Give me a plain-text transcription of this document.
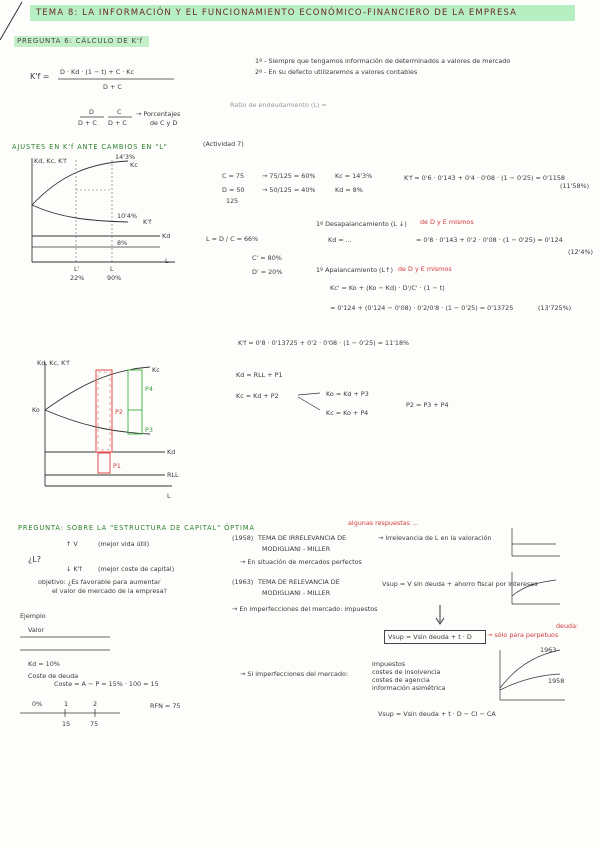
TEMA 8: LA INFORMACIÓN Y EL FUNCIONAMIENTO ECONÓMICO-FINANCIERO DE LA EMPRESA
PREGUNTA 6: CÁLCULO DE K'f
K'f = D · Kd · (1 − t) + C · Kc
D + C
D
D + C
C
D + C
→ Porcentajes
de C y D
1º - Siempre que tengamos información de determinados a valores de mercado
2º - En su defecto utilizaremos a valores contables
Ratio de endeudamiento (L) =
AJUSTES EN K'f ANTE CAMBIOS EN "L"	(Actividad 7)
Kd, Kc, K'f	Kc
K'f
Kd
L
14'3%
10'4%
8%
L'	L
22%	90%
C = 75	→ 75/125 = 60%	Kc = 14'3%
D = 50	→ 50/125 = 40%	Kd = 8%
125
L = D / C = 66%
C' = 80%
D' = 20%
K'f = 0'6 · 0'143 + 0'4 · 0'08 · (1 − 0'25) = 0'1158
(11'58%)
1º Desapalancamiento (L ↓) de D y E mismos
Kd = ...	= 0'8 · 0'143 + 0'2 · 0'08 · (1 − 0'25) = 0'124
(12'4%)
1º Apalancamiento (L↑) de D y E mismos
Kc' = Ko + (Ko − Kd) · D'/C' · (1 − t)
= 0'124 + (0'124 − 0'08) · 0'2/0'8 · (1 − 0'25) = 0'13725	(13'725%)
K'f = 0'8 · 0'13725 + 0'2 · 0'08 · (1 − 0'25) = 11'18%
Kd, Kc, K'f
Kc
Ko
Kd
RLL
L
P1
P4
P3
P2
Kd = RLL + P1
Kc = Kd + P2	Ko = Kd + P3
Kc = Ko + P4
P2 = P3 + P4
PREGUNTA: SOBRE LA "ESTRUCTURA DE CAPITAL" ÓPTIMA
algunas respuestas ...
¿L?
↑ V	(mejor vida útil)
↓ K'f	(mejor coste de capital)
objetivo: ¿Es favorable para aumentar
el valor de mercado de la empresa?
(1958) TEMA DE IRRELEVANCIA DE
MODIGLIANI - MILLER
→ Irrelevancia de L en la valoración
→ En situación de mercados perfectos
(1963) TEMA DE RELEVANCIA DE
MODIGLIANI - MILLER
→ En imperfecciones del mercado: impuestos
Vsup = V sin deuda + ahorro fiscal por intereses
Vsup = Vsin deuda + t · D → sólo para perpetuos
deuda:
→ Si imperfecciones del mercado:
impuestos
costes de insolvencia
costes de agencia
información asimétrica
Vsup = Vsin deuda + t · D − CI − CA
Ejemplo
Valor
Kd = 10%
Coste de deuda
Coste = A − P = 15% · 100 = 15
RFN = 75
15	75
0%	1	2
1963
1958
